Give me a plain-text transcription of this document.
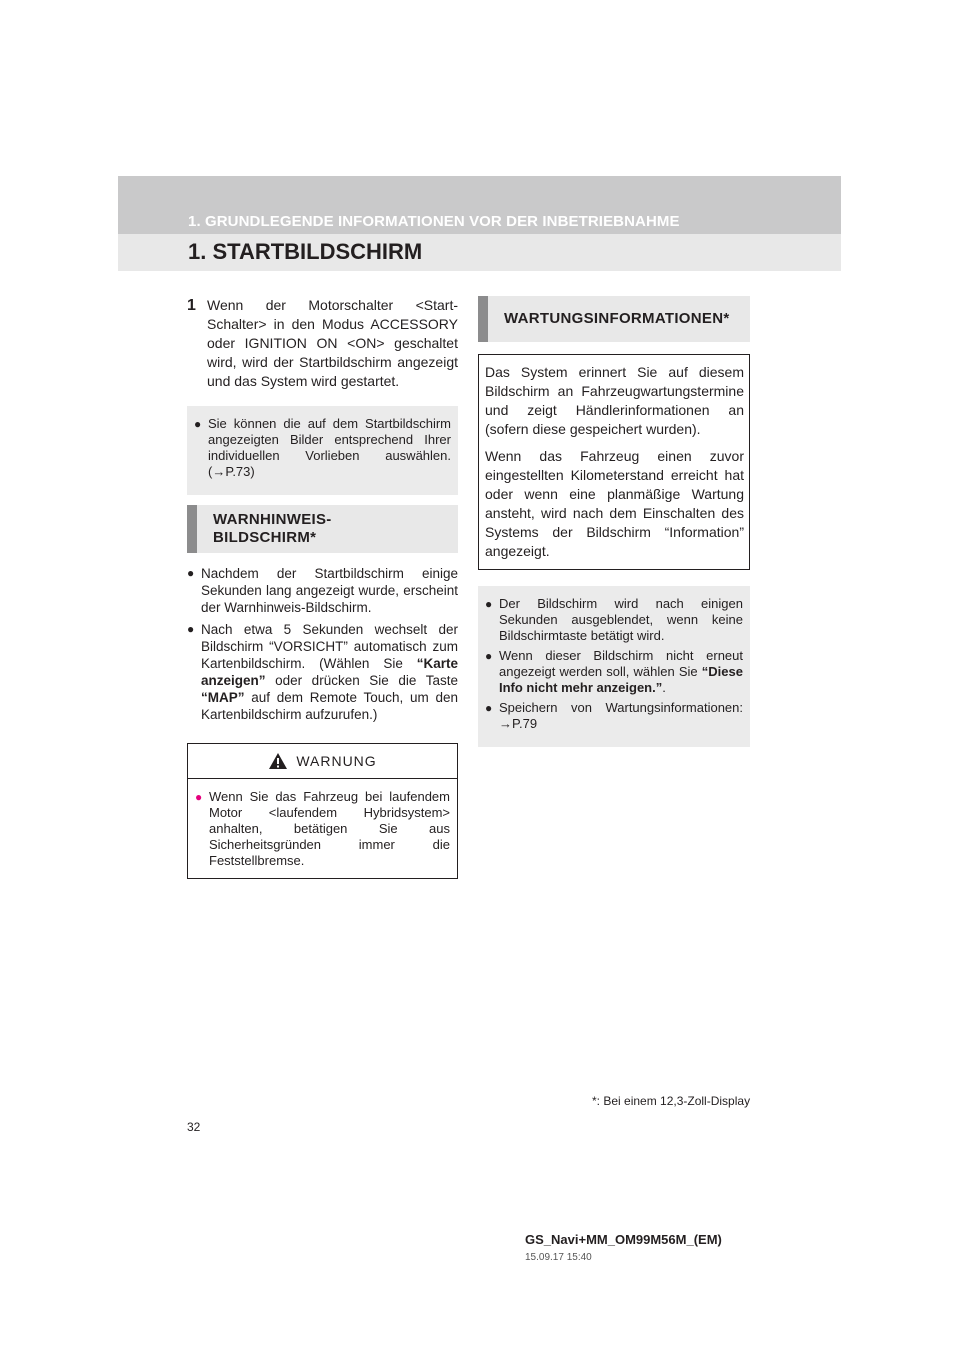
32
1. GRUNDLEGENDE INFORMATIONEN VOR DER INBETRIEBNAHME
1. STARTBILDSCHIRM
1 Wenn der Motorschalter <Start-Schalter> in den Modus ACCESSORY oder IGNITION ON <ON> geschaltet wird, wird der Startbildschirm angezeigt und das System wird gestartet.
● Sie können die auf dem Startbildschirm angezeigten Bilder entsprechend Ihrer individuellen Vorlieben auswählen. (→P.73)
WARNHINWEIS-BILDSCHIRM*
● Nachdem der Startbildschirm einige Sekunden lang angezeigt wurde, erscheint der Warnhinweis-Bildschirm.
● Nach etwa 5 Sekunden wechselt der Bildschirm “VORSICHT” automatisch zum Kartenbildschirm. (Wählen Sie “Karte anzeigen” oder drücken Sie die Taste “MAP” auf dem Remote Touch, um den Kartenbildschirm aufzurufen.)
WARNUNG
● Wenn Sie das Fahrzeug bei laufendem Motor <laufendem Hybridsystem> anhalten, betätigen Sie aus Sicherheitsgründen immer die Feststellbremse.
WARTUNGSINFORMATIONEN*

Das System erinnert Sie auf diesem Bildschirm an Fahrzeugwartungstermine und zeigt Händlerinformationen an (sofern diese gespeichert wurden).

Wenn das Fahrzeug einen zuvor eingestellten Kilometerstand erreicht hat oder wenn eine planmäßige Wartung ansteht, wird nach dem Einschalten des Systems der Bildschirm “Information” angezeigt.

● Der Bildschirm wird nach einigen Sekunden ausgeblendet, wenn keine Bildschirmtaste betätigt wird.
● Wenn dieser Bildschirm nicht erneut angezeigt werden soll, wählen Sie “Diese Info nicht mehr anzeigen.”.
● Speichern von Wartungsinformationen: →P.79
*: Bei einem 12,3-Zoll-Display
GS_Navi+MM_OM99M56M_(EM)
15.09.17 15:40
